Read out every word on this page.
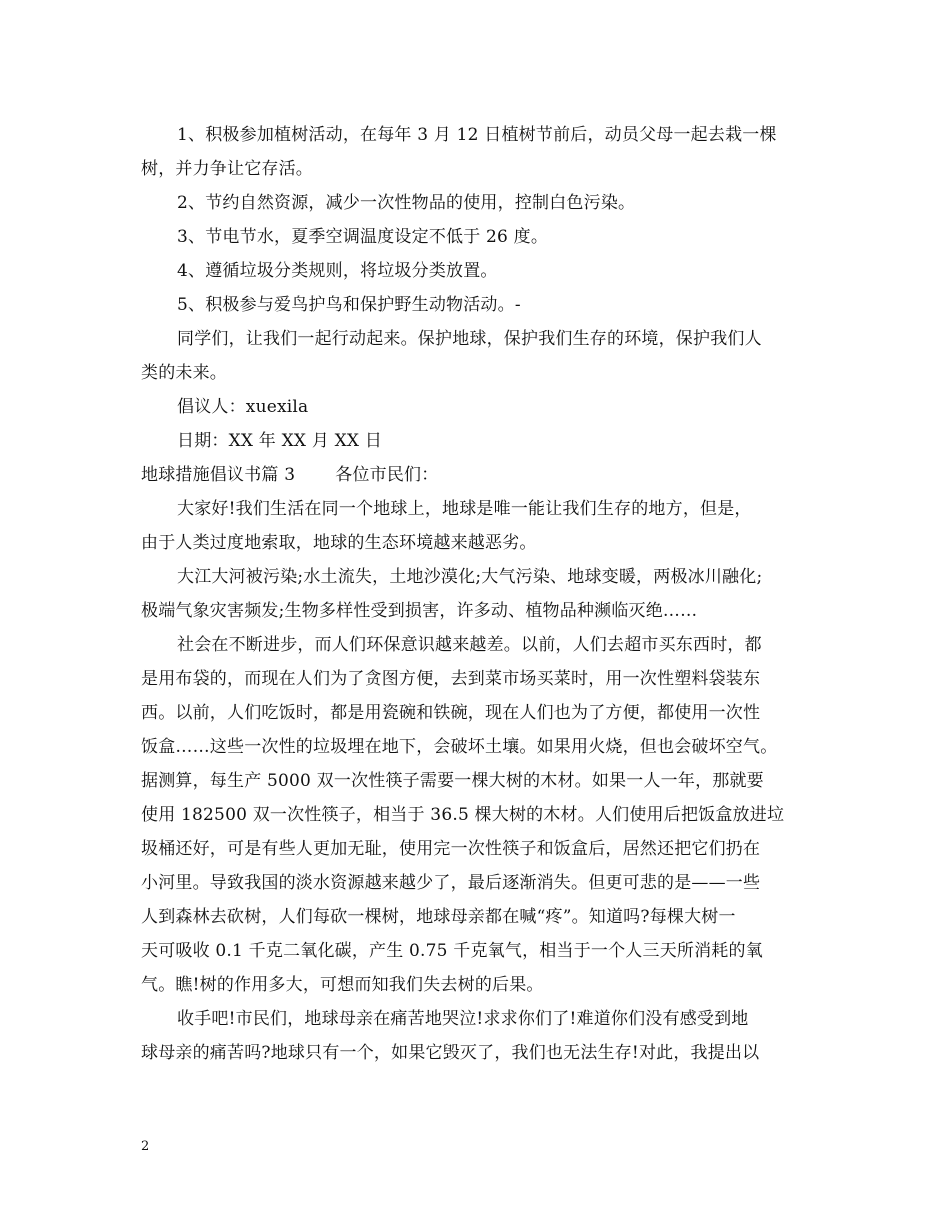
1、积极参加植树活动，在每年 3 月 12 日植树节前后，动员父母一起去栽一棵
树，并力争让它存活。
2、节约自然资源，减少一次性物品的使用，控制白色污染。
3、节电节水，夏季空调温度设定不低于 26 度。
4、遵循垃圾分类规则，将垃圾分类放置。
5、积极参与爱鸟护鸟和保护野生动物活动。-
同学们，让我们一起行动起来。保护地球，保护我们生存的环境，保护我们人
类的未来。
倡议人：xuexila
日期：XX 年 XX 月 XX 日
地球措施倡议书篇 3　　 各位市民们：
大家好!我们生活在同一个地球上，地球是唯一能让我们生存的地方，但是，
由于人类过度地索取，地球的生态环境越来越恶劣。
大江大河被污染;水土流失，土地沙漠化;大气污染、地球变暖，两极冰川融化;
极端气象灾害频发;生物多样性受到损害，许多动、植物品种濒临灭绝……
社会在不断进步，而人们环保意识越来越差。以前，人们去超市买东西时，都
是用布袋的，而现在人们为了贪图方便，去到菜市场买菜时，用一次性塑料袋装东
西。以前，人们吃饭时，都是用瓷碗和铁碗，现在人们也为了方便，都使用一次性
饭盒……这些一次性的垃圾埋在地下，会破坏土壤。如果用火烧，但也会破坏空气。
据测算，每生产 5000 双一次性筷子需要一棵大树的木材。如果一人一年，那就要
使用 182500 双一次性筷子，相当于 36.5 棵大树的木材。人们使用后把饭盒放进垃
圾桶还好，可是有些人更加无耻，使用完一次性筷子和饭盒后，居然还把它们扔在
小河里。导致我国的淡水资源越来越少了，最后逐渐消失。但更可悲的是——一些
人到森林去砍树，人们每砍一棵树，地球母亲都在喊“疼”。知道吗?每棵大树一
天可吸收 0.1 千克二氧化碳，产生 0.75 千克氧气，相当于一个人三天所消耗的氧
气。瞧!树的作用多大，可想而知我们失去树的后果。
收手吧!市民们，地球母亲在痛苦地哭泣!求求你们了!难道你们没有感受到地
球母亲的痛苦吗?地球只有一个，如果它毁灭了，我们也无法生存!对此，我提出以
2
